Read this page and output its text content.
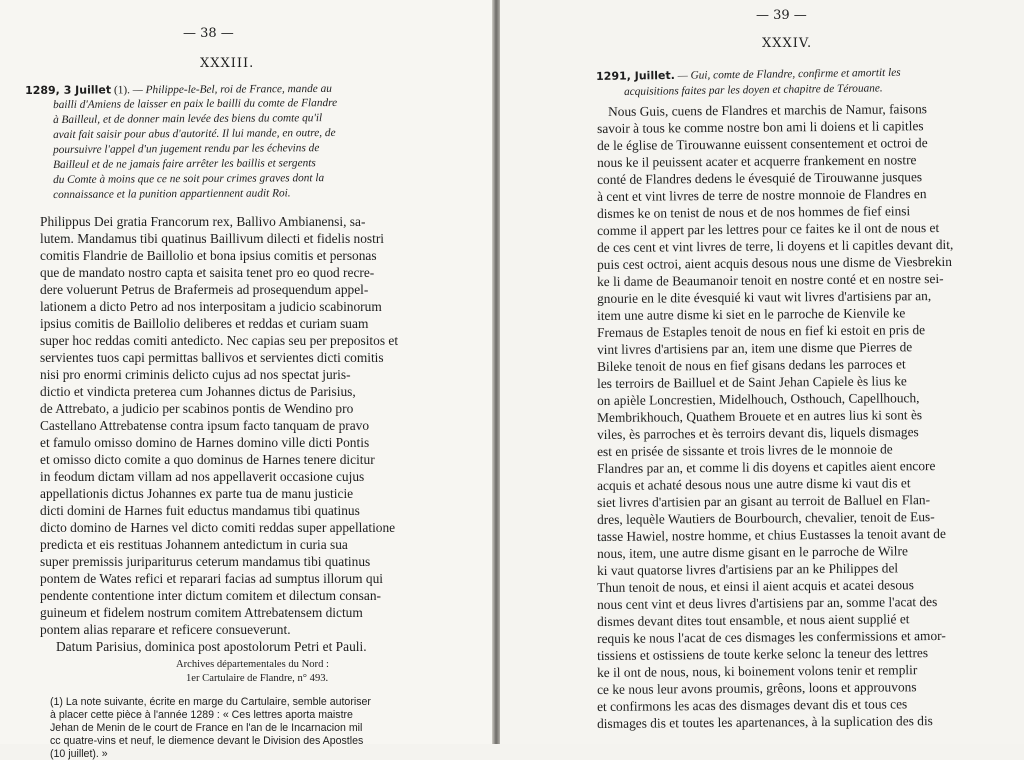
— 38 —

XXXIII.

1289, 3 Juillet (1). — Philippe-le-Bel, roi de France, mande au

bailli d'Amiens de laisser en paix le bailli du comte de Flandre

à Bailleul, et de donner main levée des biens du comte qu'il

avait fait saisir pour abus d'autorité. Il lui mande, en outre, de

poursuivre l'appel d'un jugement rendu par les échevins de

Bailleul et de ne jamais faire arrêter les baillis et sergents

du Comte à moins que ce ne soit pour crimes graves dont la

connaissance et la punition appartiennent audit Roi.

Philippus Dei gratia Francorum rex, Ballivo Ambianensi, sa-

lutem. Mandamus tibi quatinus Baillivum dilecti et fidelis nostri

comitis Flandrie de Baillolio et bona ipsius comitis et personas

que de mandato nostro capta et saisita tenet pro eo quod recre-

dere voluerunt Petrus de Brafermeis ad prosequendum appel-

lationem a dicto Petro ad nos interpositam a judicio scabinorum

ipsius comitis de Baillolio deliberes et reddas et curiam suam

super hoc reddas comiti antedicto. Nec capias seu per prepositos et

servientes tuos capi permittas ballivos et servientes dicti comitis

nisi pro enormi criminis delicto cujus ad nos spectat juris-

dictio et vindicta preterea cum Johannes dictus de Parisius,

de Attrebato, a judicio per scabinos pontis de Wendino pro

Castellano Attrebatense contra ipsum facto tanquam de pravo

et famulo omisso domino de Harnes domino ville dicti Pontis

et omisso dicto comite a quo dominus de Harnes tenere dicitur

in feodum dictam villam ad nos appellaverit occasione cujus

appellationis dictus Johannes ex parte tua de manu justicie

dicti domini de Harnes fuit eductus mandamus tibi quatinus

dicto domino de Harnes vel dicto comiti reddas super appellatione

predicta et eis restituas Johannem antedictum in curia sua

super premissis juripariturus ceterum mandamus tibi quatinus

pontem de Wates refici et reparari facias ad sumptus illorum qui

pendente contentione inter dictum comitem et dilectum consan-

guineum et fidelem nostrum comitem Attrebatensem dictum

pontem alias reparare et reficere consueverunt.

Datum Parisius, dominica post apostolorum Petri et Pauli.

Archives départementales du Nord :

1er Cartulaire de Flandre, n° 493.

(1) La note suivante, écrite en marge du Cartulaire, semble autoriser

à placer cette pièce à l'année 1289 : « Ces lettres aporta maistre

Jehan de Menin de le court de France en l'an de le Incarnacion mil

cc quatre-vins et neuf, le diemence devant le Division des Apostles

(10 juillet). »

— 39 —

XXXIV.

1291, Juillet. — Gui, comte de Flandre, confirme et amortit les

acquisitions faites par les doyen et chapitre de Térouane.

Nous Guis, cuens de Flandres et marchis de Namur, faisons

savoir à tous ke comme nostre bon ami li doiens et li capitles

de le église de Tirouwanne euissent consentement et octroi de

nous ke il peuissent acater et acquerre frankement en nostre

conté de Flandres dedens le évesquié de Tirouwanne jusques

à cent et vint livres de terre de nostre monnoie de Flandres en

dismes ke on tenist de nous et de nos hommes de fief einsi

comme il appert par les lettres pour ce faites ke il ont de nous et

de ces cent et vint livres de terre, li doyens et li capitles devant dit,

puis cest octroi, aient acquis desous nous une disme de Viesbrekin

ke li dame de Beaumanoir tenoit en nostre conté et en nostre sei-

gnourie en le dite évesquié ki vaut wit livres d'artisiens par an,

item une autre disme ki siet en le parroche de Kienvile ke

Fremaus de Estaples tenoit de nous en fief ki estoit en pris de

vint livres d'artisiens par an, item une disme que Pierres de

Bileke tenoit de nous en fief gisans dedans les parroces et

les terroirs de Bailluel et de Saint Jehan Capiele ès lius ke

on apièle Loncrestien, Midelhouch, Osthouch, Capellhouch,

Membrikhouch, Quathem Brouete et en autres lius ki sont ès

viles, ès parroches et ès terroirs devant dis, liquels dismages

est en prisée de sissante et trois livres de le monnoie de

Flandres par an, et comme li dis doyens et capitles aient encore

acquis et achaté desous nous une autre disme ki vaut dis et

siet livres d'artisien par an gisant au terroit de Balluel en Flan-

dres, lequèle Wautiers de Bourbourch, chevalier, tenoit de Eus-

tasse Hawiel, nostre homme, et chius Eustasses la tenoit avant de

nous, item, une autre disme gisant en le parroche de Wilre

ki vaut quatorse livres d'artisiens par an ke Philippes del

Thun tenoit de nous, et einsi il aient acquis et acatei desous

nous cent vint et deus livres d'artisiens par an, somme l'acat des

dismes devant dites tout ensamble, et nous aient supplié et

requis ke nous l'acat de ces dismages les confermissions et amor-

tissiens et ostissiens de toute kerke selonc la teneur des lettres

ke il ont de nous, nous, ki boinement volons tenir et remplir

ce ke nous leur avons proumis, grêons, loons et approuvons

et confirmons les acas des dismages devant dis et tous ces

dismages dis et toutes les apartenances, à la suplication des dis
